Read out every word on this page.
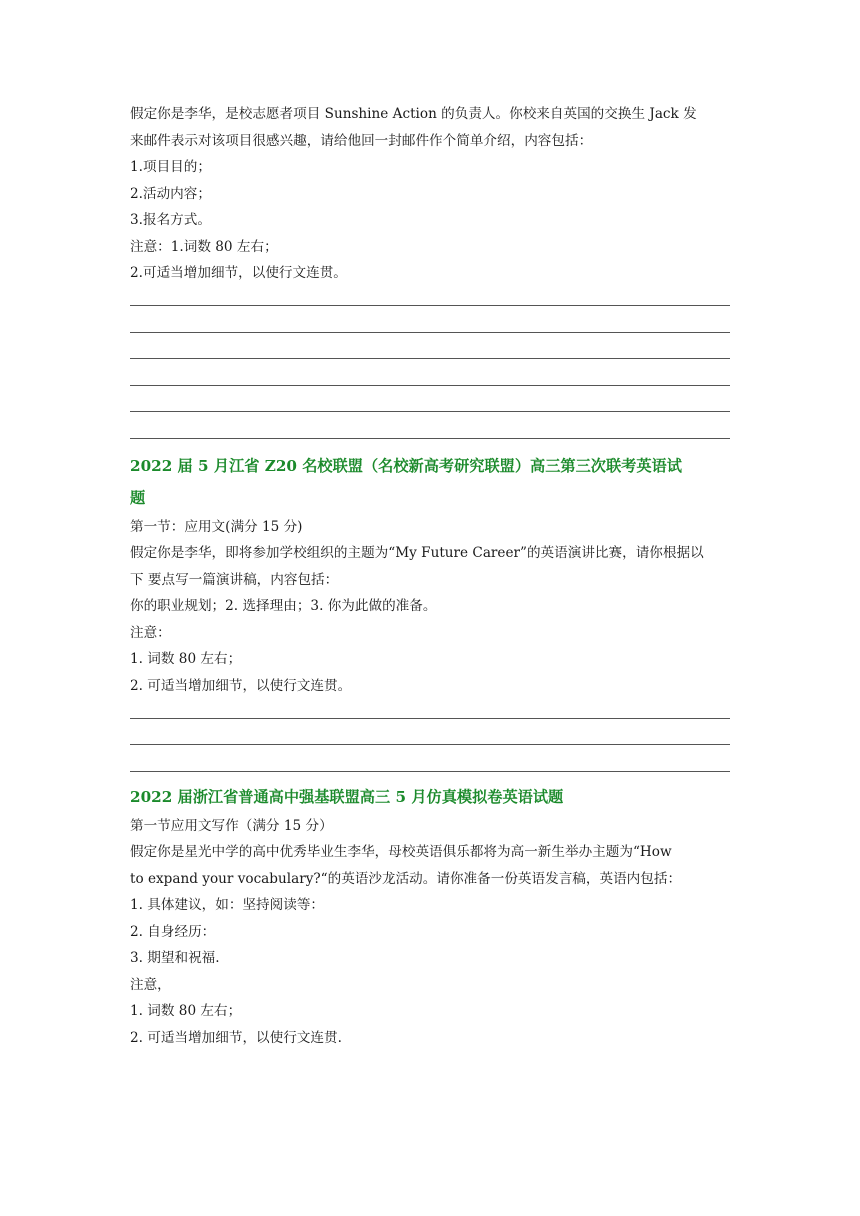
假定你是李华，是校志愿者项目 Sunshine Action 的负责人。你校来自英国的交换生 Jack 发
来邮件表示对该项目很感兴趣，请给他回一封邮件作个简单介绍，内容包括：
1.项目目的；
2.活动内容；
3.报名方式。
注意：1.词数 80 左右；
2.可适当增加细节，以使行文连贯。
2022 届 5 月江省 Z20 名校联盟（名校新高考研究联盟）高三第三次联考英语试
题
第一节：应用文(满分 15 分)
假定你是李华，即将参加学校组织的主题为“My Future Career”的英语演讲比赛，请你根据以
下 要点写一篇演讲稿，内容包括：
你的职业规划；2. 选择理由；3. 你为此做的准备。
注意：
1. 词数 80 左右；
2. 可适当增加细节，以使行文连贯。
2022 届浙江省普通高中强基联盟高三 5 月仿真模拟卷英语试题
第一节应用文写作（满分 15 分）
假定你是星光中学的高中优秀毕业生李华，母校英语俱乐都将为高一新生举办主题为“How
to expand your vocabulary?“的英语沙龙活动。请你准备一份英语发言稿，英语内包括：
1. 具体建议，如：坚持阅读等：
2. 自身经历：
3. 期望和祝福.
注意，
1. 词数 80 左右；
2. 可适当增加细节，以使行文连贯.
